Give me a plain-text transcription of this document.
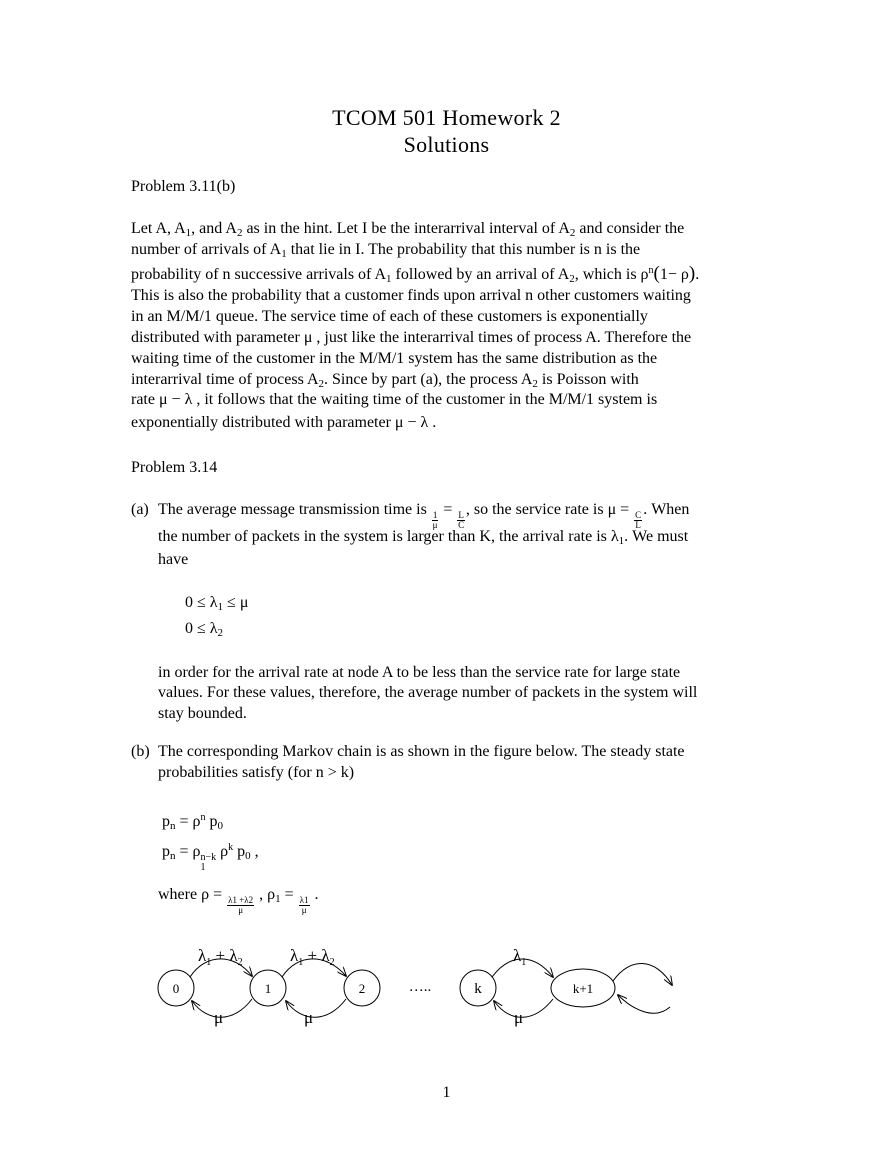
TCOM 501 Homework 2
Solutions
Problem 3.11(b)
Let A, $A_1$, and $A_2$ as in the hint. Let I be the interarrival interval of $A_2$ and consider the
number of arrivals of $A_1$ that lie in I. The probability that this number is n is the
probability of n successive arrivals of $A_1$ followed by an arrival of $A_2$, which is $\rho^n(1- \rho)$.
This is also the probability that a customer finds upon arrival n other customers waiting
in an M/M/1 queue. The service time of each of these customers is exponentially
distributed with parameter μ , just like the interarrival times of process A. Therefore the
waiting time of the customer in the M/M/1 system has the same distribution as the
interarrival time of process $A_2$. Since by part (a), the process $A_2$ is Poisson with
rate μ − λ , it follows that the waiting time of the customer in the M/M/1 system is
exponentially distributed with parameter μ − λ .
Problem 3.14
(a) The average message transmission time is
$\frac{1}{\mu}$
=
$\frac{L}{C}$
, so the service rate is μ =
$\frac{C}{L}$
. When
the number of packets in the system is larger than K, the arrival rate is $\lambda_1$. We must
have
$0 \le \lambda_1 \le \mu$
$0 \le \lambda_2$
in order for the arrival rate at node A to be less than the service rate for large state
values. For these values, therefore, the average number of packets in the system will
stay bounded.
(b) The corresponding Markov chain is as shown in the figure below. The steady state
probabilities satisfy (for n > k)
$p_n = \rho^n$ $p_0$
$p_n = \rho$ n−k
1
$\rho^k$ $p_0$ ,
where ρ =
$\frac{\lambda 1 +\lambda 2}{\mu}$
, $\rho_1$ =
$\frac{\lambda 1}{\mu}$
.
0	1	2	k	k+1
…..
$\lambda_1 + \lambda_2$	$\lambda_1 + \lambda_2$	$\lambda_1$
μ	μ	μ
1
